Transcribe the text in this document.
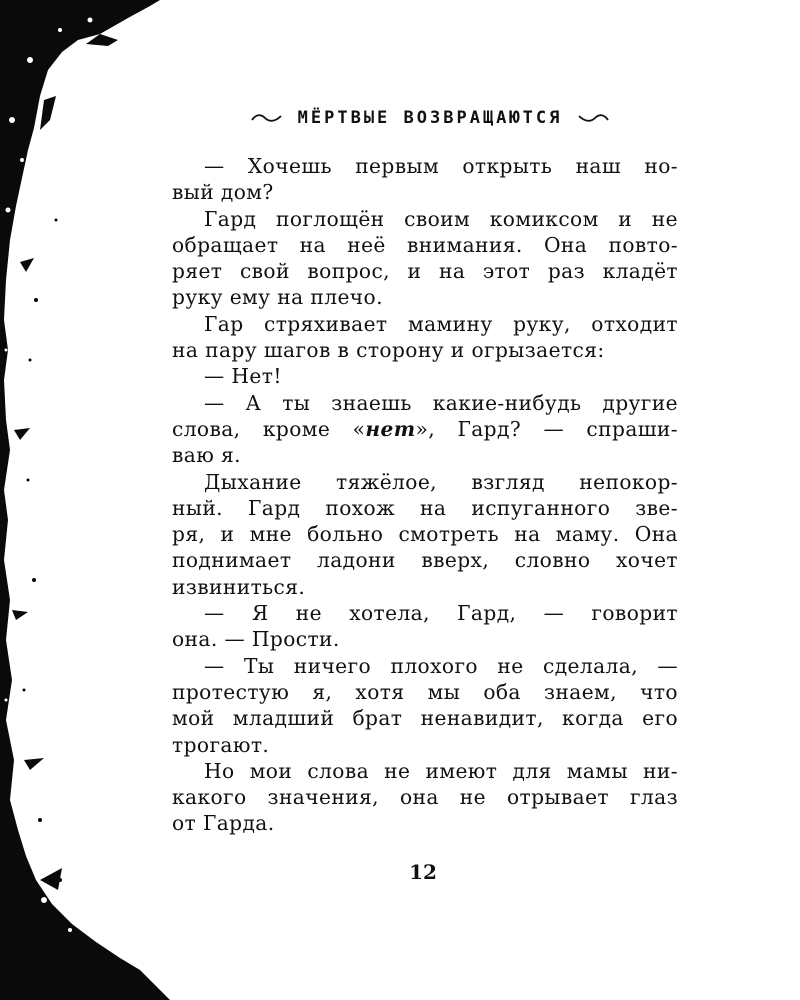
МЁРТВЫЕ ВОЗВРАЩАЮТСЯ

— Хочешь первым открыть наш но-
вый дом?

Гард поглощён своим комиксом и не
обращает на неё внимания. Она повто-
ряет свой вопрос, и на этот раз кладёт
руку ему на плечо.

Гар стряхивает мамину руку, отходит
на пару шагов в сторону и огрызается:

— Нет!

— А ты знаешь какие-нибудь другие
слова, кроме «нет», Гард? — спраши-
ваю я.

Дыхание тяжёлое, взгляд непокор-
ный. Гард похож на испуганного зве-
ря, и мне больно смотреть на маму. Она
поднимает ладони вверх, словно хочет
извиниться.

— Я не хотела, Гард, — говорит
она. — Прости.

— Ты ничего плохого не сделала, —
протестую я, хотя мы оба знаем, что
мой младший брат ненавидит, когда его
трогают.

Но мои слова не имеют для мамы ни-
какого значения, она не отрывает глаз
от Гарда.

12
